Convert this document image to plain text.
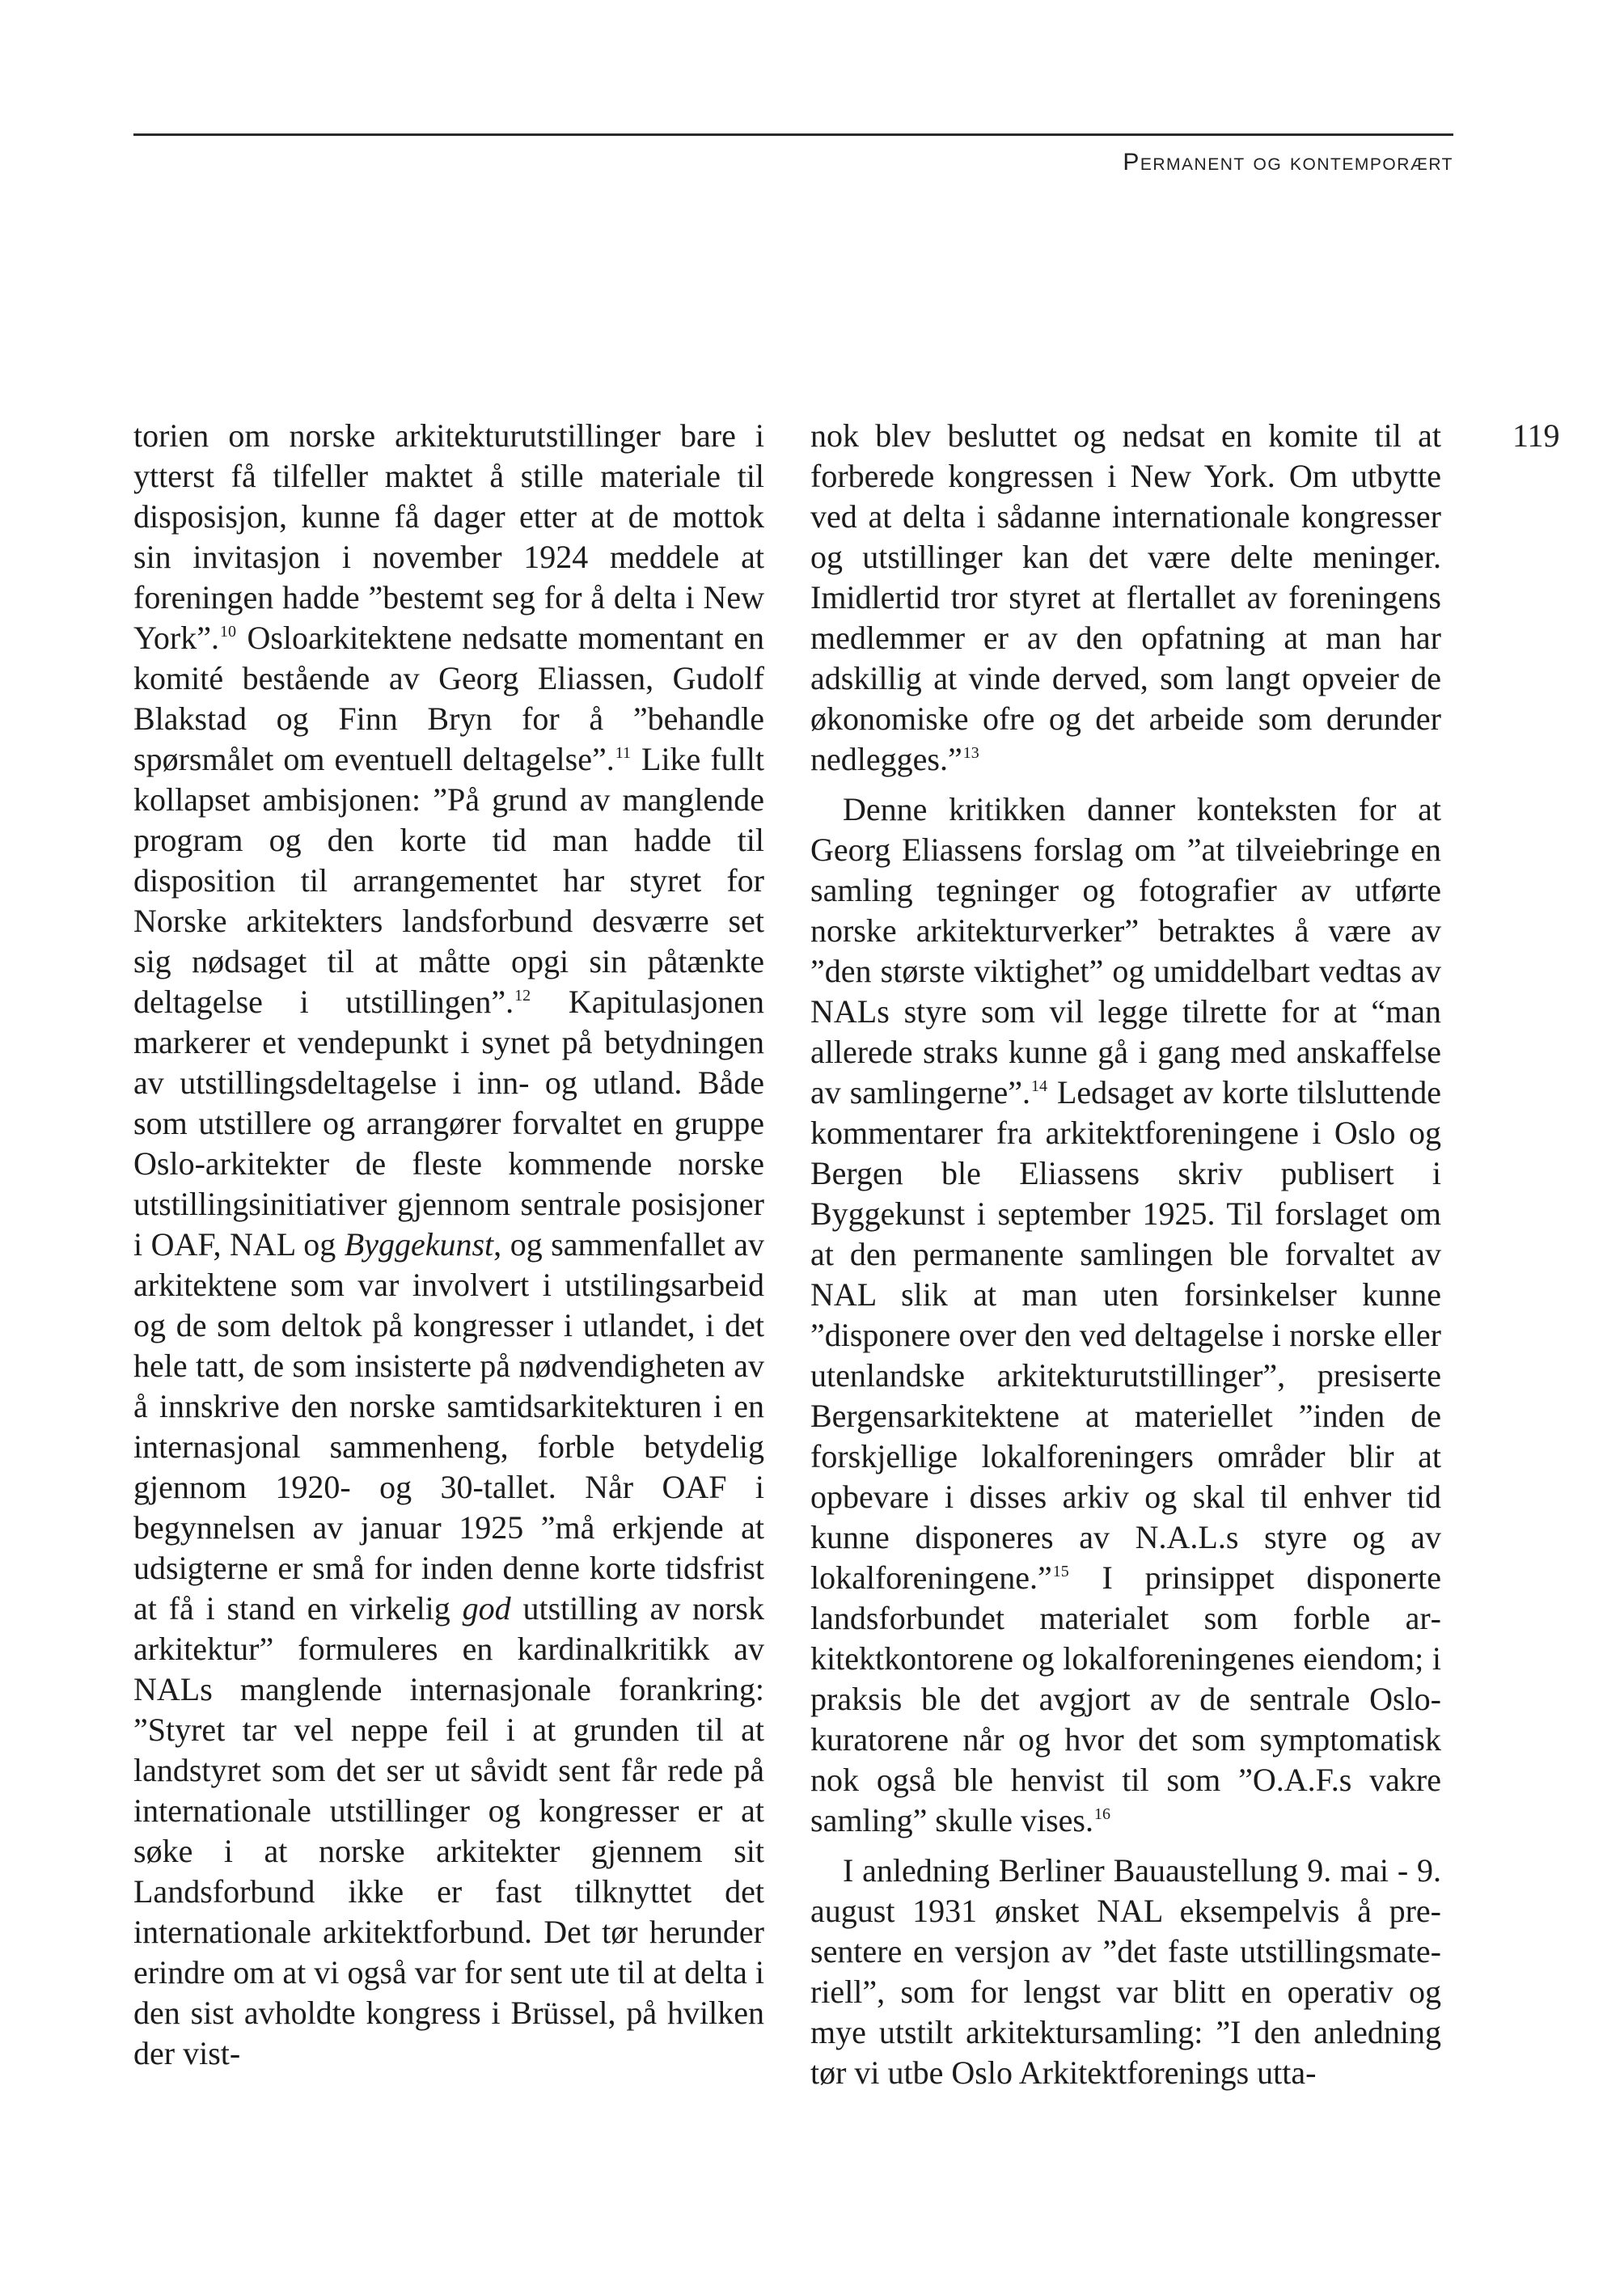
Permanent og kontemporært

119

torien om norske arkitekturutstillinger bare i ytterst få tilfeller maktet å stille materiale til disposisjon, kunne få dager etter at de mottok sin invitasjon i november 1924 meddele at foreningen hadde ”bestemt seg for å delta i New York”.$^{10}$ Osloarkitektene nedsatte momentant en komité bestående av Georg Eliassen, Gudolf Blakstad og Finn Bryn for å ”behandle spørsmålet om eventuell deltagelse”.$^{11}$ Like fullt kollapset ambisjonen: ”På grund av manglende program og den korte tid man hadde til disposition til arrangementet har styret for Norske arkitekters landsforbund desværre set sig nødsaget til at måtte opgi sin påtænkte deltagelse i utstillingen”.$^{12}$ Kapitulasjonen markerer et vendepunkt i synet på betydningen av utstillingsdeltagelse i inn- og utland. Både som utstillere og arrangører forvaltet en gruppe Oslo-arkitekter de fleste kommende norske utstillingsinitiativer gjennom sentrale posisjoner i OAF, NAL og Byggekunst, og sammenfallet av arkitektene som var involvert i utstilingsarbeid og de som deltok på kongresser i utlandet, i det hele tatt, de som insisterte på nødvendigheten av å innskrive den norske samtidsarkitekturen i en internasjonal sammenheng, forble betydelig gjennom 1920- og 30-tallet. Når OAF i begynnelsen av januar 1925 ”må erkjende at udsigterne er små for inden denne korte tidsfrist at få i stand en virkelig god utstilling av norsk arkitektur” formuleres en kardinalkritikk av NALs manglende internasjonale forankring: ”Styret tar vel neppe feil i at grunden til at landstyret som det ser ut såvidt sent får rede på internationale utstillinger og kongresser er at søke i at norske arkitekter gjennem sit Landsforbund ikke er fast tilknyttet det internationale arkitektforbund. Det tør herunder erindre om at vi også var for sent ute til at delta i den sist avholdte kongress i Brüssel, på hvilken der vist-

nok blev besluttet og nedsat en komite til at forberede kongressen i New York. Om utbytte ved at delta i sådanne internationale kongresser og utstillinger kan det være delte meninger. Imidlertid tror styret at flertallet av foreningens medlemmer er av den opfatning at man har adskillig at vinde derved, som langt opveier de økonomiske ofre og det arbeide som derunder nedlegges.”$^{13}$

Denne kritikken danner konteksten for at Georg Eliassens forslag om ”at tilveiebringe en samling tegninger og fotografier av utførte norske arkitekturverker” betraktes å være av ”den største viktighet” og umiddelbart vedtas av NALs styre som vil legge tilrette for at “man allerede straks kunne gå i gang med anskaffelse av samlingerne”.$^{14}$ Ledsaget av korte tilsluttende kommentarer fra arkitektforeningene i Oslo og Bergen ble Eliassens skriv publisert i Byggekunst i september 1925. Til forslaget om at den permanente samlingen ble forvaltet av NAL slik at man uten forsinkelser kunne ”disponere over den ved deltagelse i norske eller utenlandske arkitekturutstillinger”, presiserte Bergensarkitektene at materiellet ”inden de forskjellige lokalforeningers områder blir at opbevare i disses arkiv og skal til enhver tid kunne disponeres av N.A.L.s styre og av lokalforeningene.”$^{15}$ I prinsippet disponerte landsforbundet materialet som forble arkitektkontorene og lokalforeningenes eiendom; i praksis ble det avgjort av de sentrale Oslo-kuratorene når og hvor det som symptomatisk nok også ble henvist til som ”O.A.F.s vakre samling” skulle vises.$^{16}$

I anledning Berliner Bauaustellung 9. mai - 9. august 1931 ønsket NAL eksempelvis å presentere en versjon av ”det faste utstillingsmateriell”, som for lengst var blitt en operativ og mye utstilt arkitektursamling: ”I den anledning tør vi utbe Oslo Arkitektforenings utta-
